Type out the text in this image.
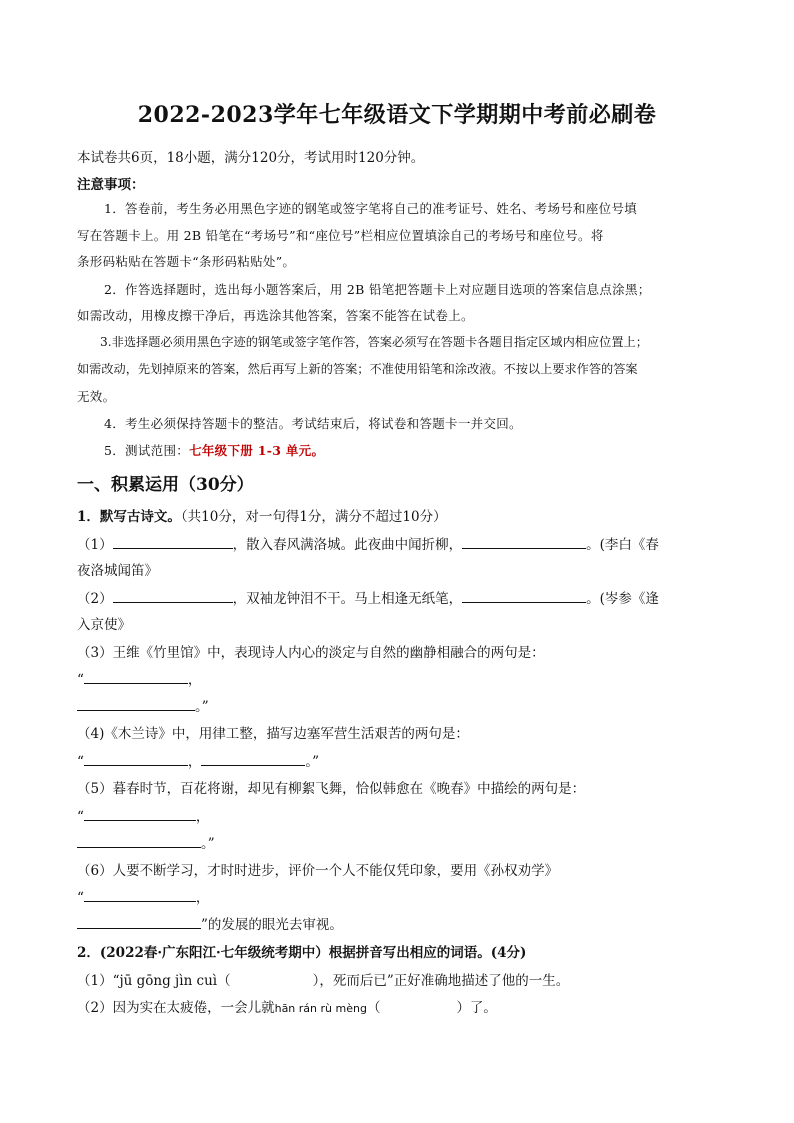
2022-2023学年七年级语文下学期期中考前必刷卷
本试卷共6页，18小题，满分120分，考试用时120分钟。
注意事项：
1．答卷前，考生务必用黑色字迹的钢笔或签字笔将自己的准考证号、姓名、考场号和座位号填
写在答题卡上。用 2B 铅笔在“考场号”和“座位号”栏相应位置填涂自己的考场号和座位号。将
条形码粘贴在答题卡“条形码粘贴处”。
2．作答选择题时，选出每小题答案后，用 2B 铅笔把答题卡上对应题目选项的答案信息点涂黑；
如需改动，用橡皮擦干净后，再选涂其他答案，答案不能答在试卷上。
3.非选择题必须用黑色字迹的钢笔或签字笔作答，答案必须写在答题卡各题目指定区域内相应位置上；
如需改动，先划掉原来的答案，然后再写上新的答案；不准使用铅笔和涂改液。不按以上要求作答的答案
无效。
4．考生必须保持答题卡的整洁。考试结束后，将试卷和答题卡一并交回。
5．测试范围：七年级下册 1-3 单元。
一、积累运用（30分）
1．默写古诗文。（共10分，对一句得1分，满分不超过10分）
（1）	，散入春风满洛城。此夜曲中闻折柳，	。(李白《春
夜洛城闻笛》
（2）	，双袖龙钟泪不干。马上相逢无纸笔，	。(岑参《逢
入京使》
（3）王维《竹里馆》中，表现诗人内心的淡定与自然的幽静相融合的两句是：
“	，
。”
（4)《木兰诗》中，用律工整，描写边塞军营生活艰苦的两句是：
“	，	。”
（5）暮春时节，百花将谢，却见有柳絮飞舞，恰似韩愈在《晚春》中描绘的两句是：
“	，
。”
（6）人要不断学习，才时时进步，评价一个人不能仅凭印象，要用《孙权劝学》
“	，
”的发展的眼光去审视。
2．(2022春·广东阳江·七年级统考期中）根据拼音写出相应的词语。(4分)
（1）“jū gōng jìn cuì（	），死而后已”正好准确地描述了他的一生。
（2）因为实在太疲倦，一会儿就hān rán rù mèng（	）了。
